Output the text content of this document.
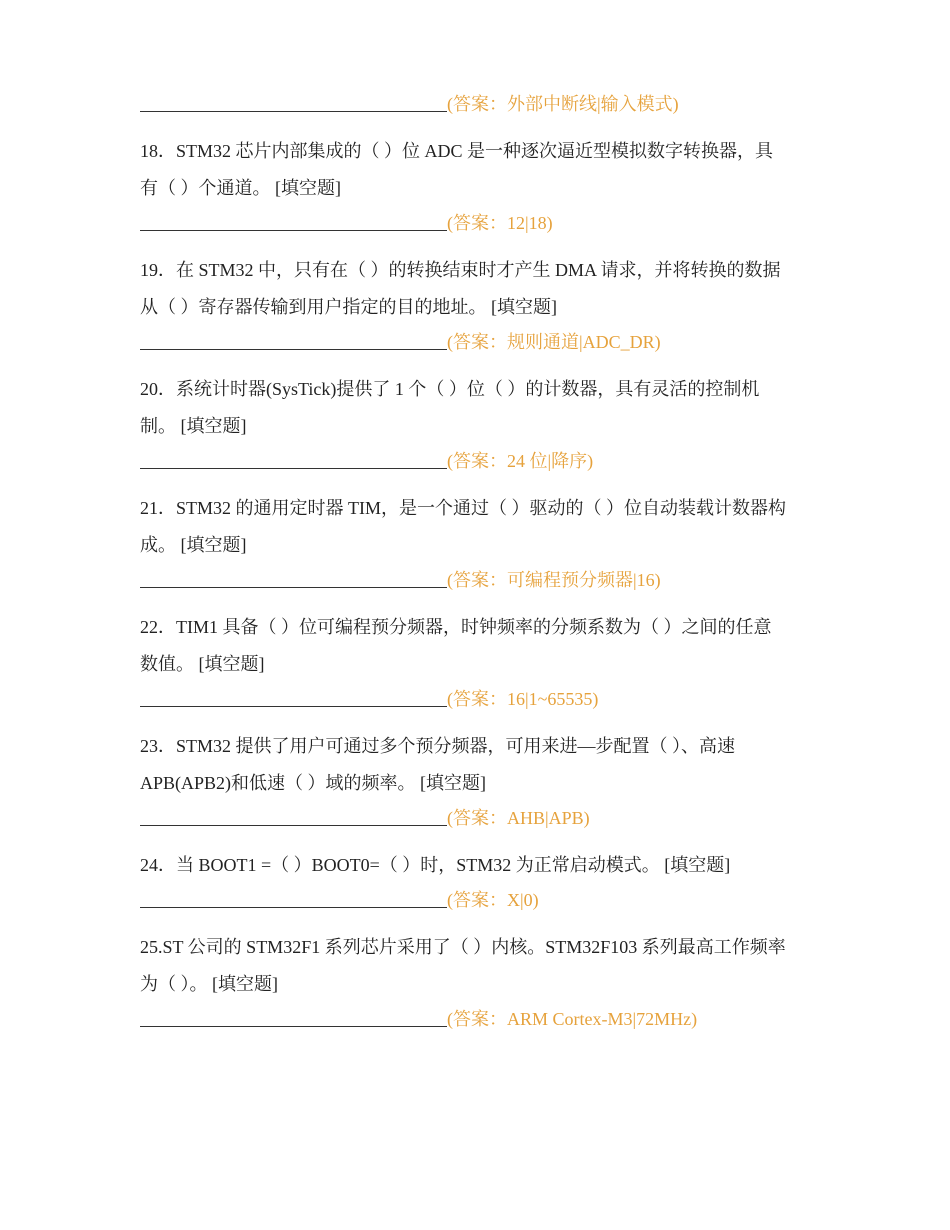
(答案：外部中断线|输入模式)
18．STM32 芯片内部集成的（ ）位 ADC 是一种逐次逼近型模拟数字转换器，具
有（ ）个通道。 [填空题]
(答案：12|18)
19．在 STM32 中，只有在（ ）的转换结束时才产生 DMA 请求，并将转换的数据
从（ ）寄存器传输到用户指定的目的地址。 [填空题]
(答案：规则通道|ADC_DR)
20．系统计时器(SysTick)提供了 1 个（ ）位（ ）的计数器，具有灵活的控制机
制。 [填空题]
(答案：24 位|降序)
21．STM32 的通用定时器 TIM，是一个通过（ ）驱动的（ ）位自动装载计数器构
成。 [填空题]
(答案：可编程预分频器|16)
22．TIM1 具备（ ）位可编程预分频器，时钟频率的分频系数为（ ）之间的任意
数值。 [填空题]
(答案：16|1~65535)
23．STM32 提供了用户可通过多个预分频器，可用来进—步配置（ ）、高速
APB(APB2)和低速（ ）域的频率。 [填空题]
(答案：AHB|APB)
24．当 BOOT1 =（ ）BOOT0=（ ）时，STM32 为正常启动模式。 [填空题]
(答案：X|0)
25.ST 公司的 STM32F1 系列芯片采用了（ ）内核。STM32F103 系列最高工作频率
为（ ）。 [填空题]
(答案：ARM Cortex-M3|72MHz)
